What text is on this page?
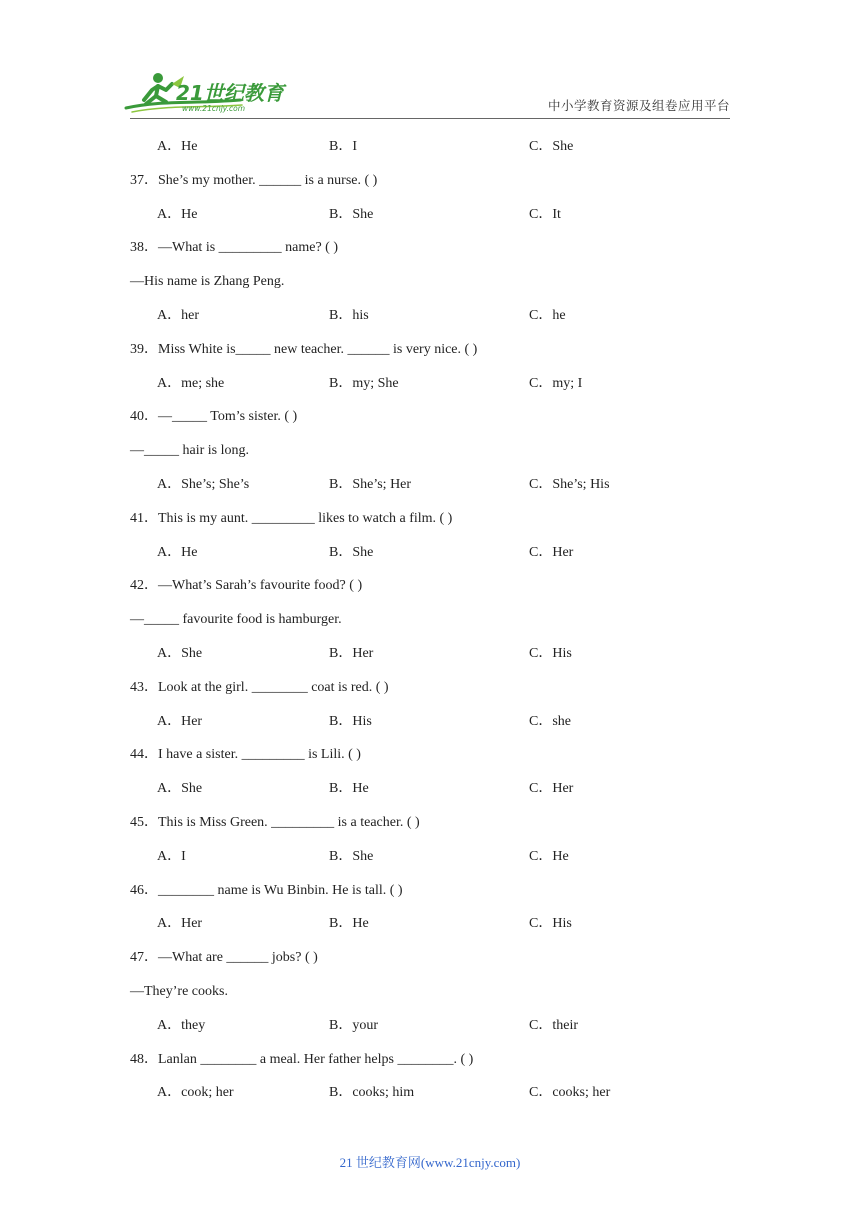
21世纪教育
www.21cnjy.com	中小学教育资源及组卷应用平台
A．He	B．I	C．She
37．She’s my mother. ______ is a nurse. ( )
A．He	B．She	C．It
38．—What is _________ name? ( )
—His name is Zhang Peng.
A．her	B．his	C．he
39．Miss White is_____ new teacher. ______ is very nice. ( )
A．me; she	B．my; She	C．my; I
40．—_____ Tom’s sister. ( )
—_____ hair is long.
A．She’s; She’s	B．She’s; Her	C．She’s; His
41．This is my aunt. _________ likes to watch a film. ( )
A．He	B．She	C．Her
42．—What’s Sarah’s favourite food? ( )
—_____ favourite food is hamburger.
A．She	B．Her	C．His
43．Look at the girl. ________ coat is red. ( )
A．Her	B．His	C．she
44．I have a sister. _________ is Lili. ( )
A．She	B．He	C．Her
45．This is Miss Green. _________ is a teacher. ( )
A．I	B．She	C．He
46．________ name is Wu Binbin. He is tall. ( )
A．Her	B．He	C．His
47．—What are ______ jobs? ( )
—They’re cooks.
A．they	B．your	C．their
48．Lanlan ________ a meal. Her father helps ________. ( )
A．cook; her	B．cooks; him	C．cooks; her
21 世纪教育网(www.21cnjy.com)
